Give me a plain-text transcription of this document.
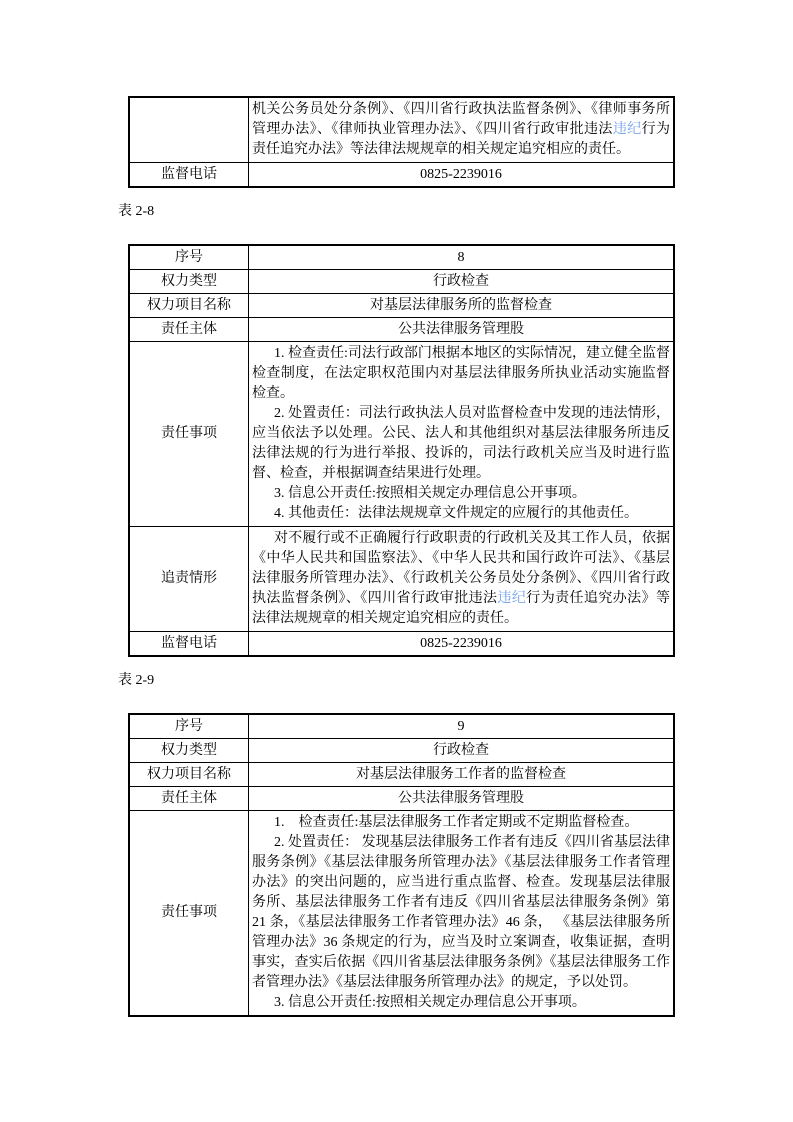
	机关公务员处分条例》、《四川省行政执法监督条例》、《律师事务所管理办法》、《律师执业管理办法》、《四川省行政审批违法违纪行为责任追究办法》等法律法规规章的相关规定追究相应的责任。

监督电话	0825-2239016
表 2-8
序号	8
权力类型	行政检查
权力项目名称	对基层法律服务所的监督检查
责任主体	公共法律服务管理股
责任事项	1. 检查责任:司法行政部门根据本地区的实际情况，建立健全监督检查制度，在法定职权范围内对基层法律服务所执业活动实施监督检查。

2. 处置责任：司法行政执法人员对监督检查中发现的违法情形，应当依法予以处理。公民、法人和其他组织对基层法律服务所违反法律法规的行为进行举报、投诉的，司法行政机关应当及时进行监督、检查，并根据调查结果进行处理。

3. 信息公开责任:按照相关规定办理信息公开事项。

4. 其他责任：法律法规规章文件规定的应履行的其他责任。

追责情形	对不履行或不正确履行行政职责的行政机关及其工作人员，依据《中华人民共和国监察法》、《中华人民共和国行政许可法》、《基层法律服务所管理办法》、《行政机关公务员处分条例》、《四川省行政执法监督条例》、《四川省行政审批违法违纪行为责任追究办法》等法律法规规章的相关规定追究相应的责任。

监督电话	0825-2239016
表 2-9
序号	9
权力类型	行政检查
权力项目名称	对基层法律服务工作者的监督检查
责任主体	公共法律服务管理股
责任事项	1.　检查责任:基层法律服务工作者定期或不定期监督检查。

2. 处置责任： 发现基层法律服务工作者有违反《四川省基层法律服务条例》《基层法律服务所管理办法》《基层法律服务工作者管理办法》的突出问题的，应当进行重点监督、检查。发现基层法律服务所、基层法律服务工作者有违反《四川省基层法律服务条例》第 21 条，《基层法律服务工作者管理办法》46 条， 《基层法律服务所管理办法》36 条规定的行为，应当及时立案调查，收集证据，查明事实，查实后依据《四川省基层法律服务条例》《基层法律服务工作者管理办法》《基层法律服务所管理办法》的规定，予以处罚。

3. 信息公开责任:按照相关规定办理信息公开事项。
